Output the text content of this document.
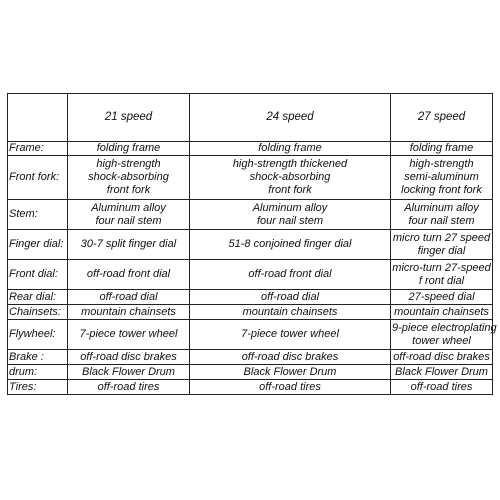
	21 speed	24 speed	27 speed
Frame:	folding frame	folding frame	folding frame

Front fork:	high-strength
shock-absorbing
front fork	high-strength thickened
shock-absorbing
front fork	high-strength
semi-aluminum
locking front fork

Stem:	Aluminum alloy
four nail stem	Aluminum alloy
four nail stem	Aluminum alloy
four nail stem

Finger dial:	30-7 split finger dial	51-8 conjoined finger dial	micro turn 27 speed
finger dial

Front dial:	off-road front dial	off-road front dial	micro-turn 27-speed
f ront dial

Rear dial:	off-road dial	off-road dial	27-speed dial

Chainsets:	mountain chainsets	mountain chainsets	mountain chainsets

Flywheel:	7-piece tower wheel	7-piece tower wheel	9-piece electroplating
tower wheel

Brake :	off-road disc brakes	off-road disc brakes	off-road disc brakes

drum:	Black Flower Drum	Black Flower Drum	Black Flower Drum

Tires:	off-road tires	off-road tires	off-road tires
